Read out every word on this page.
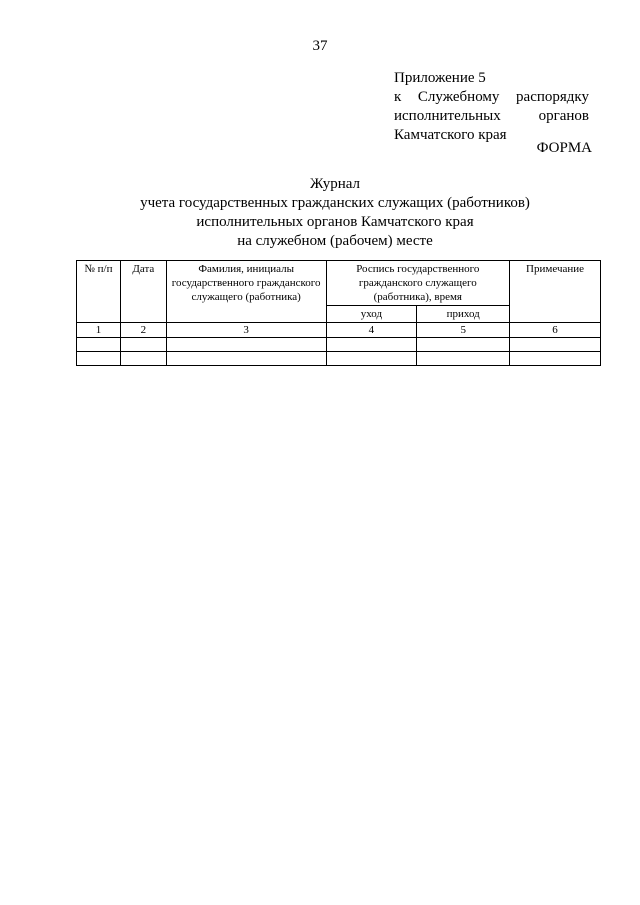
37
Приложение 5
к Служебному распорядку
исполнительных	органов
Камчатского края
ФОРМА
Журнал
учета государственных гражданских служащих (работников)
исполнительных органов Камчатского края
на служебном (рабочем) месте
№ п/п	Дата	Фамилия, инициалы государственного гражданского служащего (работника)	Роспись государственного гражданского служащего (работника), время		Примечание
			уход	приход	
1	2	3	4	5	6
